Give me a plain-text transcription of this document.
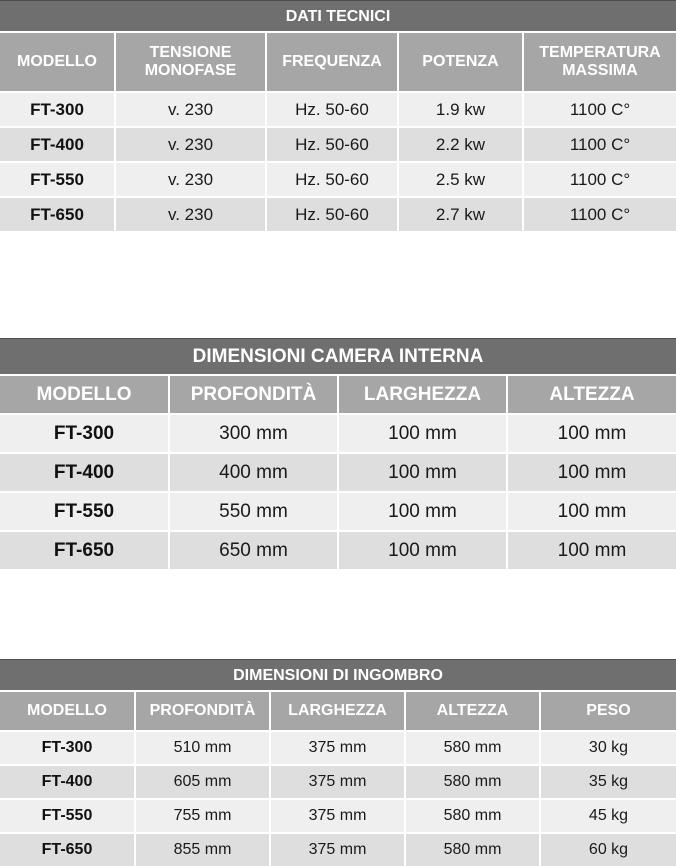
DATI TECNICI
MODELLO	TENSIONE MONOFASE	FREQUENZA	POTENZA	TEMPERATURA MASSIMA
FT-300	v. 230	Hz. 50-60	1.9 kw	1100 C°
FT-400	v. 230	Hz. 50-60	2.2 kw	1100 C°
FT-550	v. 230	Hz. 50-60	2.5 kw	1100 C°
FT-650	v. 230	Hz. 50-60	2.7 kw	1100 C°
DIMENSIONI CAMERA INTERNA
MODELLO	PROFONDITÀ	LARGHEZZA	ALTEZZA
FT-300	300 mm	100 mm	100 mm
FT-400	400 mm	100 mm	100 mm
FT-550	550 mm	100 mm	100 mm
FT-650	650 mm	100 mm	100 mm
DIMENSIONI DI INGOMBRO
MODELLO	PROFONDITÀ	LARGHEZZA	ALTEZZA	PESO
FT-300	510 mm	375 mm	580 mm	30 kg
FT-400	605 mm	375 mm	580 mm	35 kg
FT-550	755 mm	375 mm	580 mm	45 kg
FT-650	855 mm	375 mm	580 mm	60 kg
